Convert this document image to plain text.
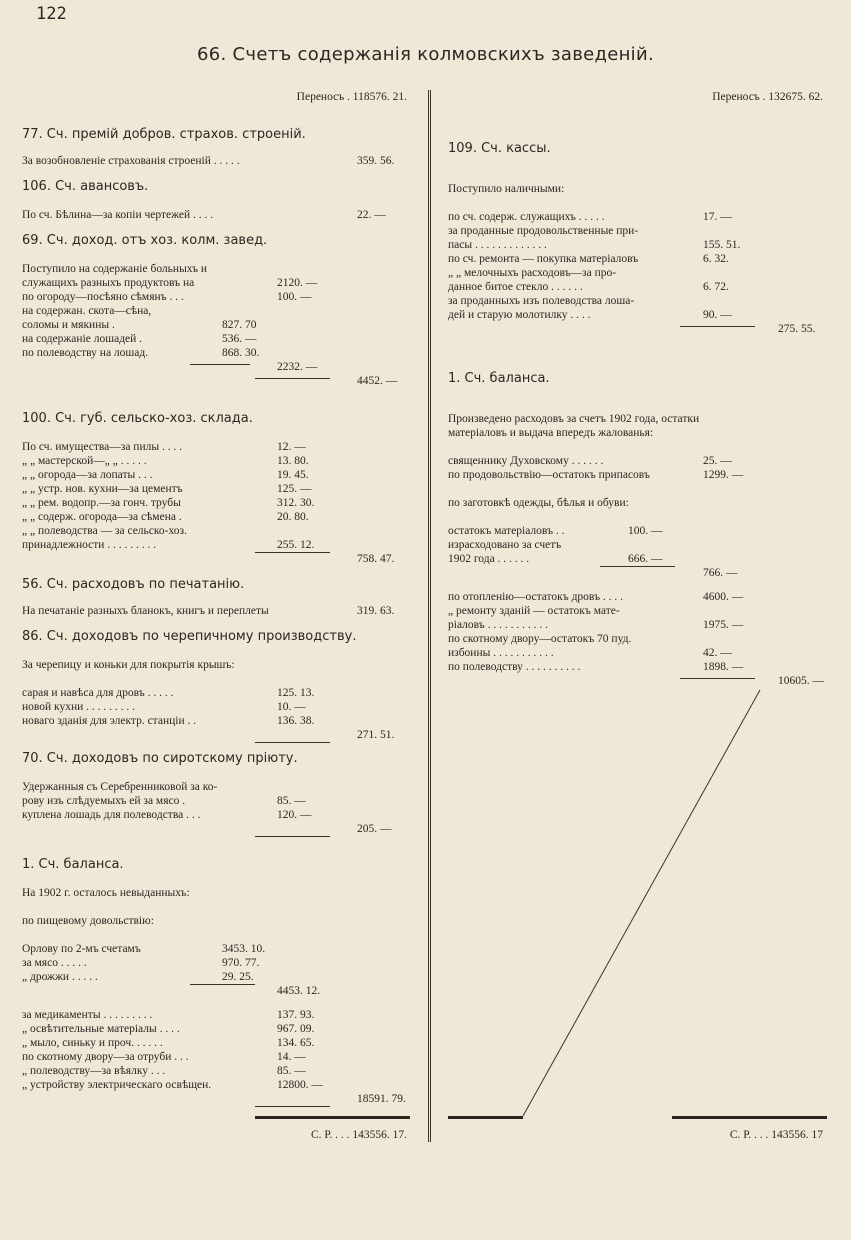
122
66. Счетъ содержанія колмовскихъ заведеній.
Переносъ . 118576. 21.
77. Сч. премій добров. страхов. строеній.
За возобновленіе страхованія строеній . . . . .	359. 56.
106. Сч. авансовъ.
По сч. Бѣлина—за копіи чертежей . . . .	22. —
69. Сч. доход. отъ хоз. колм. завед.
Поступило на содержаніе больныхъ и
служащихъ разныхъ продуктовъ на	2120. —
по огороду—посѣяно сѣмянъ . . .	100. —
на содержан. скота—сѣна,
соломы и мякины .	827. 70
на содержаніе лошадей .	536. —
по полеводству на лошад.	868. 30.
2232. —
4452. —
100. Сч. губ. сельско-хоз. склада.
По сч. имущества—за пилы . . . .	12. —
„ „ мастерской—„ „ . . . . .	13. 80.
„ „ огорода—за лопаты . . .	19. 45.
„ „ устр. нов. кухни—за цементъ	125. —
„ „ рем. водопр.—за гонч. трубы	312. 30.
„ „ содерж. огорода—за сѣмена .	20. 80.
„ „ полеводства — за сельско-хоз.
принадлежности . . . . . . . . .	255. 12.
758. 47.
56. Сч. расходовъ по печатанію.
На печатаніе разныхъ бланокъ, книгъ и переплеты	319. 63.
86. Сч. доходовъ по черепичному производству.
За черепицу и коньки для покрытія крышъ:
сарая и навѣса для дровъ . . . . .	125. 13.
новой кухни . . . . . . . . .	10. —
новаго зданія для электр. станціи . .	136. 38.
271. 51.
70. Сч. доходовъ по сиротскому пріюту.
Удержанныя съ Серебренниковой за ко-
рову изъ слѣдуемыхъ ей за мясо .	85. —
куплена лошадь для полеводства . . .	120. —
205. —
1. Сч. баланса.
На 1902 г. осталось невыданныхъ:
по пищевому довольствію:
Орлову по 2-мъ счетамъ	3453. 10.
за мясо . . . . .	970. 77.
„ дрожжи . . . . .	29. 25.
4453. 12.
за медикаменты . . . . . . . . .	137. 93.
„ освѣтительные матеріалы . . . .	967. 09.
„ мыло, синьку и проч. . . . . .	134. 65.
по скотному двору—за отруби . . .	14. —
„ полеводству—за вѣялку . . .	85. —
„ устройству электрическаго освѣщен.	12800. —
18591. 79.
С. Р. . . . 143556. 17.
Переносъ . 132675. 62.
109. Сч. кассы.
Поступило наличными:
по сч. содерж. служащихъ . . . . .	17. —
за проданные продовольственные при-
пасы . . . . . . . . . . . . .	155. 51.
по сч. ремонта — покупка матеріаловъ	6. 32.
„ „ мелочныхъ расходовъ—за про-
данное битое стекло . . . . . .	6. 72.
за проданныхъ изъ полеводства лоша-
дей и старую молотилку . . . .	90. —
275. 55.
1. Сч. баланса.
Произведено расходовъ за счетъ 1902 года, остатки
матеріаловъ и выдача впередъ жалованья:
священнику Духовскому . . . . . .	25. —
по продовольствію—остатокъ припасовъ	1299. —
по заготовкѣ одежды, бѣлья и обуви:
остатокъ матеріаловъ . .	100. —
израсходовано за счетъ
1902 года . . . . . .	666. —
766. —
по отопленію—остатокъ дровъ . . . .	4600. —
„ ремонту зданій — остатокъ мате-
ріаловъ . . . . . . . . . . .	1975. —
по скотному двору—остатокъ 70 пуд.
избоины . . . . . . . . . . .	42. —
по полеводству . . . . . . . . . .	1898. —
10605. —
С. Р. . . . 143556. 17
